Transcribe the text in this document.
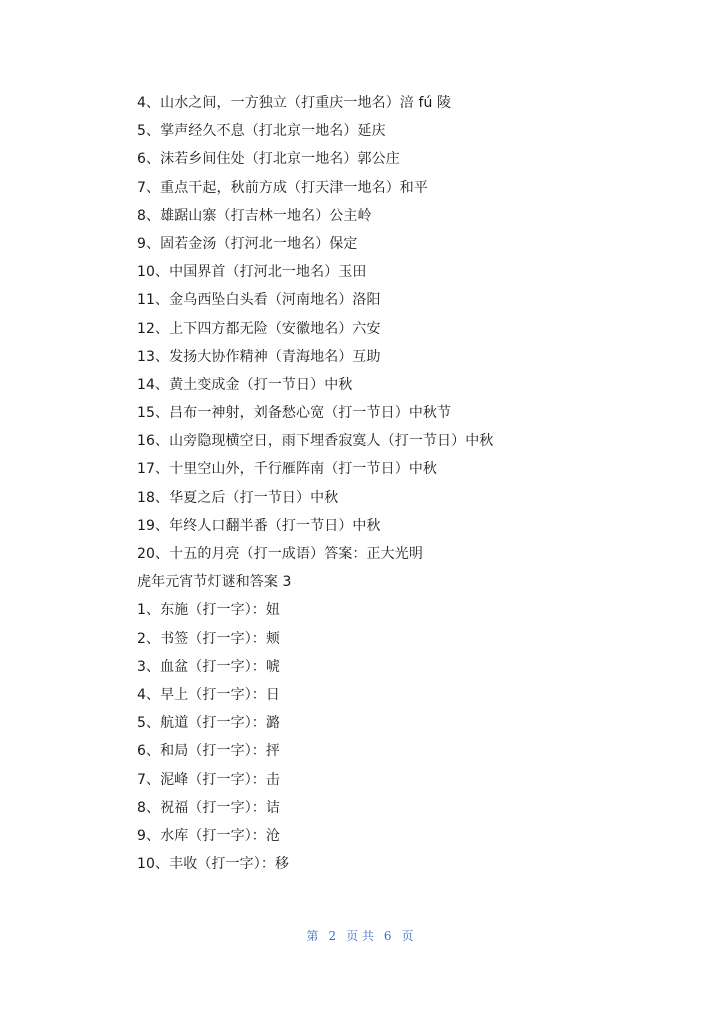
4、山水之间，一方独立（打重庆一地名）涪 fú 陵
5、掌声经久不息（打北京一地名）延庆
6、沫若乡间住处（打北京一地名）郭公庄
7、重点干起，秋前方成（打天津一地名）和平
8、雄踞山寨（打吉林一地名）公主岭
9、固若金汤（打河北一地名）保定
10、中国界首（打河北一地名）玉田
11、金乌西坠白头看（河南地名）洛阳
12、上下四方都无险（安徽地名）六安
13、发扬大协作精神（青海地名）互助
14、黄土变成金（打一节日）中秋
15、吕布一神射，刘备愁心宽（打一节日）中秋节
16、山旁隐现横空日，雨下埋香寂寞人（打一节日）中秋
17、十里空山外，千行雁阵南（打一节日）中秋
18、华夏之后（打一节日）中秋
19、年终人口翻半番（打一节日）中秋
20、十五的月亮（打一成语）答案：正大光明
虎年元宵节灯谜和答案 3
1、东施（打一字）：妞
2、书签（打一字）：颊
3、血盆（打一字）：唬
4、早上（打一字）：日
5、航道（打一字）：潞
6、和局（打一字）：抨
7、泥峰（打一字）：击
8、祝福（打一字）：诘
9、水库（打一字）：沧
10、丰收（打一字）：移
第 2 页 共 6 页
